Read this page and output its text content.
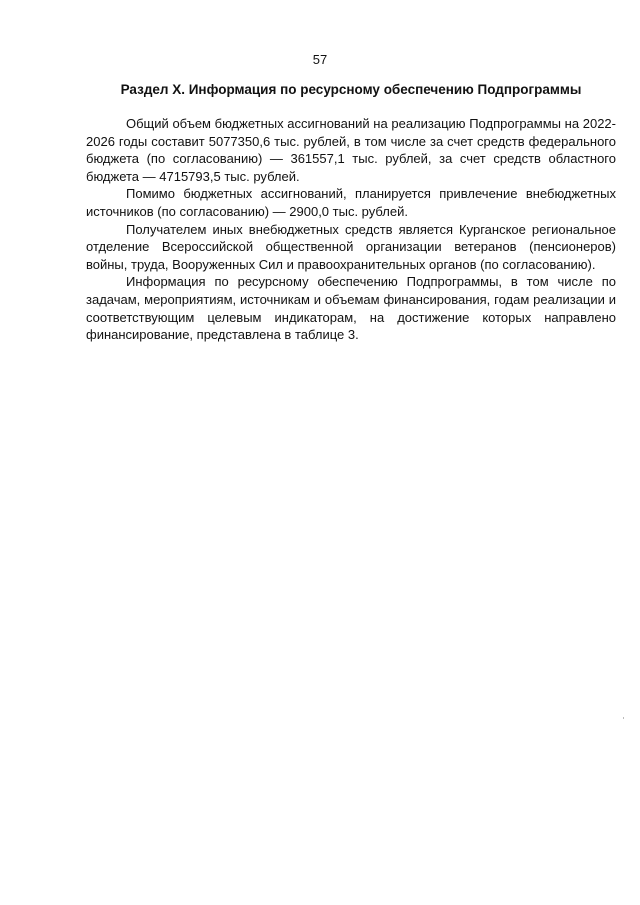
57
Раздел X. Информация по ресурсному обеспечению Подпрограммы

Общий объем бюджетных ассигнований на реализацию Подпрограммы на 2022-2026 годы составит 5077350,6 тыс. рублей, в том числе за счет средств федерального бюджета (по согласованию) — 361557,1 тыс. рублей, за счет средств областного бюджета — 4715793,5 тыс. рублей.

Помимо бюджетных ассигнований, планируется привлечение внебюджетных источников (по согласованию) — 2900,0 тыс. рублей.

Получателем иных внебюджетных средств является Курганское региональное отделение Всероссийской общественной организации ветеранов (пенсионеров) войны, труда, Вооруженных Сил и правоохранительных органов (по согласованию).

Информация по ресурсному обеспечению Подпрограммы, в том числе по задачам, мероприятиям, источникам и объемам финансирования, годам реализации и соответствующим целевым индикаторам, на достижение которых направлено финансирование, представлена в таблице 3.
